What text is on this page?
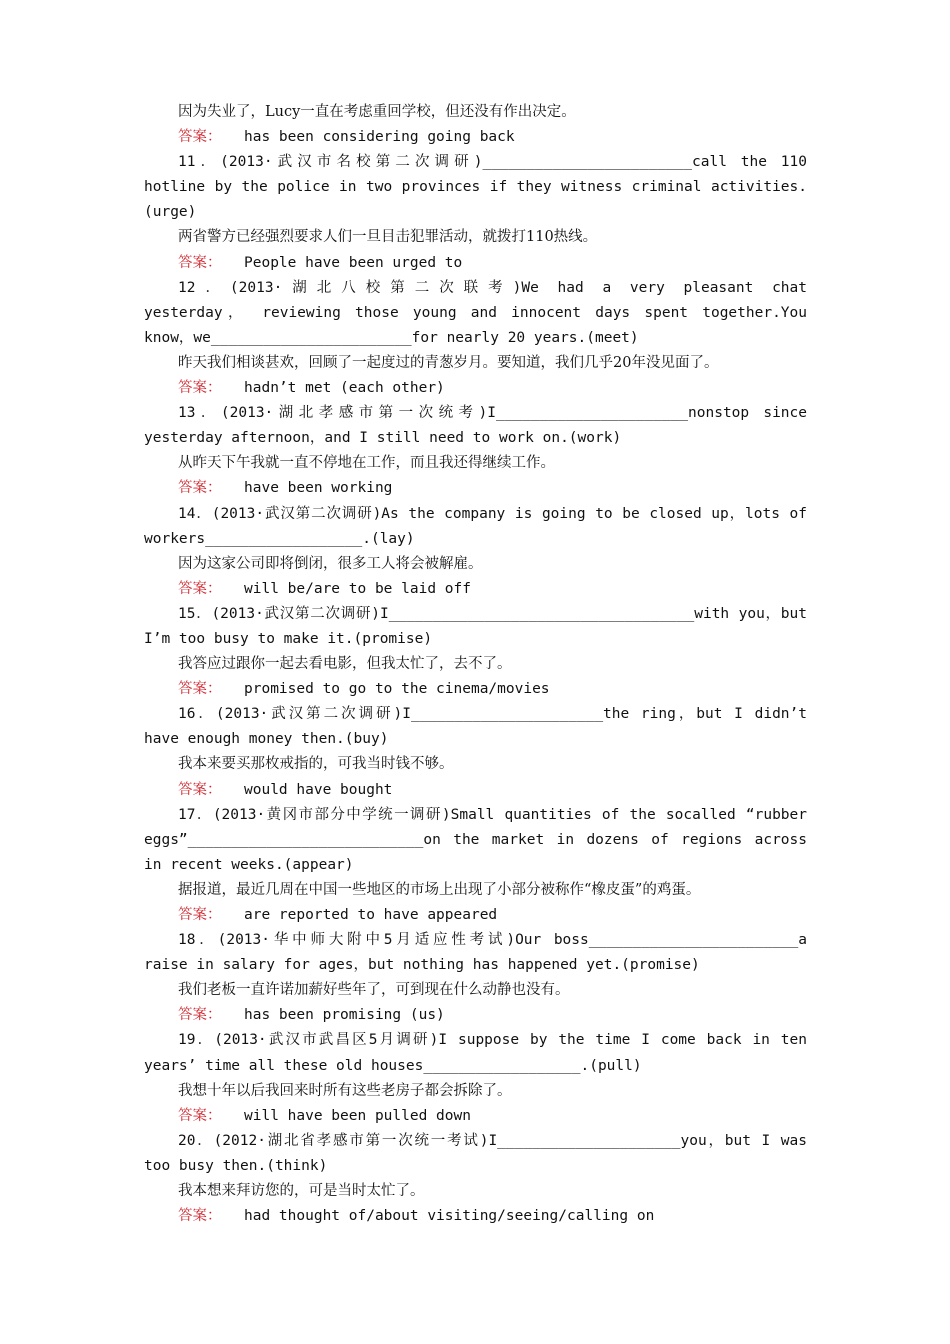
因为失业了，Lucy一直在考虑重回学校，但还没有作出决定。
答案： has been considering going back
11．(2013·武汉市名校第二次调研)________________________call the 110
hotline by the police in two provinces if they witness criminal activities.
(urge)
两省警方已经强烈要求人们一旦目击犯罪活动，就拨打110热线。
答案： People have been urged to
12．(2013·湖北八校第二次联考)We had a very pleasant chat
yesterday， reviewing those young and innocent days spent together.You
know，we_______________________for nearly 20 years.(meet)
昨天我们相谈甚欢，回顾了一起度过的青葱岁月。要知道，我们几乎20年没见面了。
答案： hadn’t met (each other)
13．(2013·湖北孝感市第一次统考)I______________________nonstop since
yesterday afternoon，and I still need to work on.(work)
从昨天下午我就一直不停地在工作，而且我还得继续工作。
答案： have been working
14．(2013·武汉第二次调研)As the company is going to be closed up，lots of
workers__________________.(lay)
因为这家公司即将倒闭，很多工人将会被解雇。
答案： will be/are to be laid off
15．(2013·武汉第二次调研)I___________________________________with you，but
I’m too busy to make it.(promise)
我答应过跟你一起去看电影，但我太忙了，去不了。
答案： promised to go to the cinema/movies
16．(2013·武汉第二次调研)I______________________the ring，but I didn’t
have enough money then.(buy)
我本来要买那枚戒指的，可我当时钱不够。
答案： would have bought
17．(2013·黄冈市部分中学统一调研)Small quantities of the socalled “rubber
eggs”___________________________on the market in dozens of regions across
in recent weeks.(appear)
据报道，最近几周在中国一些地区的市场上出现了小部分被称作“橡皮蛋”的鸡蛋。
答案： are reported to have appeared
18．(2013·华中师大附中5月适应性考试)Our boss________________________a
raise in salary for ages，but nothing has happened yet.(promise)
我们老板一直许诺加薪好些年了，可到现在什么动静也没有。
答案： has been promising (us)
19．(2013·武汉市武昌区5月调研)I suppose by the time I come back in ten
years’ time all these old houses__________________.(pull)
我想十年以后我回来时所有这些老房子都会拆除了。
答案： will have been pulled down
20．(2012·湖北省孝感市第一次统一考试)I_____________________you，but I was
too busy then.(think)
我本想来拜访您的，可是当时太忙了。
答案： had thought of/about visiting/seeing/calling on
